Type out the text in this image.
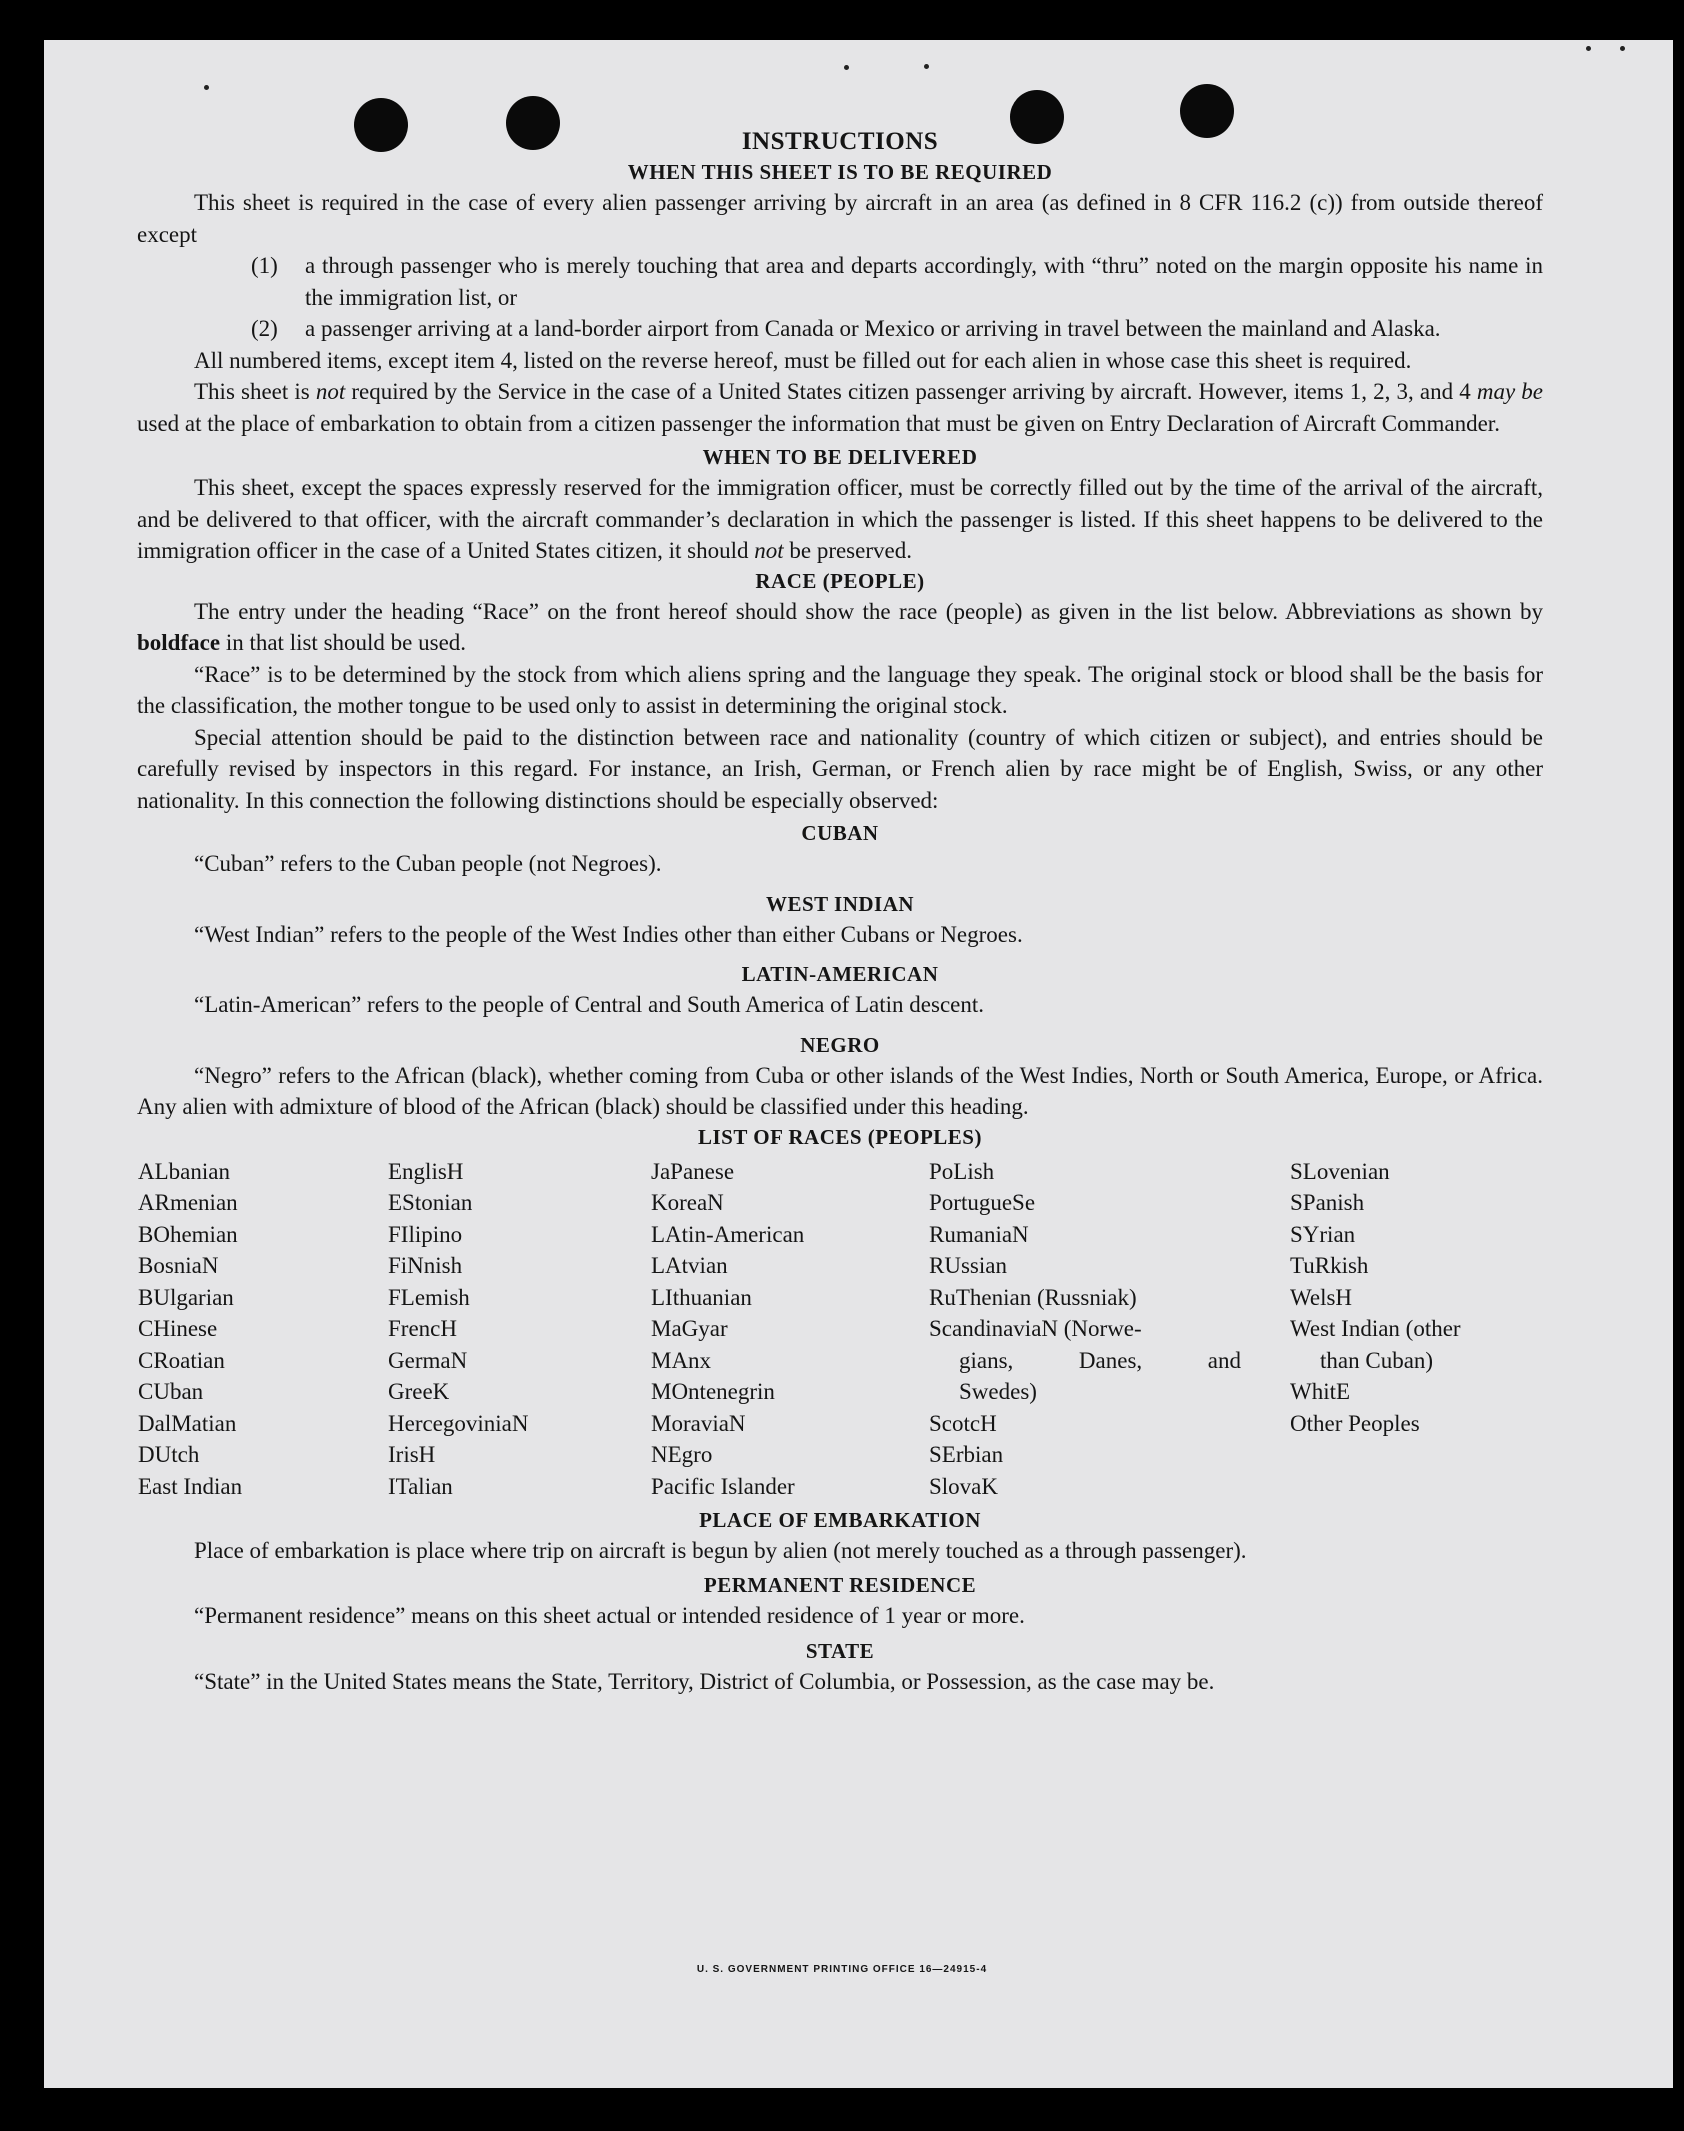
INSTRUCTIONS
WHEN THIS SHEET IS TO BE REQUIRED

This sheet is required in the case of every alien passenger arriving by aircraft in an area (as defined in 8 CFR 116.2 (c)) from outside thereof except

(1) a through passenger who is merely touching that area and departs accordingly, with “thru” noted on the margin opposite his name in the immigration list, or

(2) a passenger arriving at a land-border airport from Canada or Mexico or arriving in travel between the mainland and Alaska.

All numbered items, except item 4, listed on the reverse hereof, must be filled out for each alien in whose case this sheet is required.

This sheet is not required by the Service in the case of a United States citizen passenger arriving by aircraft. However, items 1, 2, 3, and 4 may be used at the place of embarkation to obtain from a citizen passenger the information that must be given on Entry Declaration of Aircraft Commander.

WHEN TO BE DELIVERED

This sheet, except the spaces expressly reserved for the immigration officer, must be correctly filled out by the time of the arrival of the aircraft, and be delivered to that officer, with the aircraft commander’s declaration in which the passenger is listed. If this sheet happens to be delivered to the immigration officer in the case of a United States citizen, it should not be preserved.

RACE (PEOPLE)

The entry under the heading “Race” on the front hereof should show the race (people) as given in the list below. Abbreviations as shown by boldface in that list should be used.

“Race” is to be determined by the stock from which aliens spring and the language they speak. The original stock or blood shall be the basis for the classification, the mother tongue to be used only to assist in determining the original stock.

Special attention should be paid to the distinction between race and nationality (country of which citizen or subject), and entries should be carefully revised by inspectors in this regard. For instance, an Irish, German, or French alien by race might be of English, Swiss, or any other nationality. In this connection the following distinctions should be especially observed:

CUBAN

“Cuban” refers to the Cuban people (not Negroes).

WEST INDIAN

“West Indian” refers to the people of the West Indies other than either Cubans or Negroes.

LATIN-AMERICAN

“Latin-American” refers to the people of Central and South America of Latin descent.

NEGRO

“Negro” refers to the African (black), whether coming from Cuba or other islands of the West Indies, North or South America, Europe, or Africa. Any alien with admixture of blood of the African (black) should be classified under this heading.

LIST OF RACES (PEOPLES)
ALbanian
ARmenian
BOhemian
BosniaN
BUlgarian
CHinese
CRoatian
CUban
DalMatian
DUtch
East Indian
EnglisH
EStonian
FIlipino
FiNnish
FLemish
FrencH
GermaN
GreeK
HercegoviniaN
IrisH
ITalian
JaPanese
KoreaN
LAtin-American
LAtvian
LIthuanian
MaGyar
MAnx
MOntenegrin
MoraviaN
NEgro
Pacific Islander
PoLish
PortugueSe
RumaniaN
RUssian
RuThenian (Russniak)
ScandinaviaN (Norwe-
gians,	Danes,	and
Swedes)
ScotcH
SErbian
SlovaK
SLovenian
SPanish
SYrian
TuRkish
WelsH
West Indian (other
than Cuban)
WhitE
Other Peoples
PLACE OF EMBARKATION

Place of embarkation is place where trip on aircraft is begun by alien (not merely touched as a through passenger).

PERMANENT RESIDENCE

“Permanent residence” means on this sheet actual or intended residence of 1 year or more.

STATE

“State” in the United States means the State, Territory, District of Columbia, or Possession, as the case may be.

U. S. GOVERNMENT PRINTING OFFICE 16—24915-4
